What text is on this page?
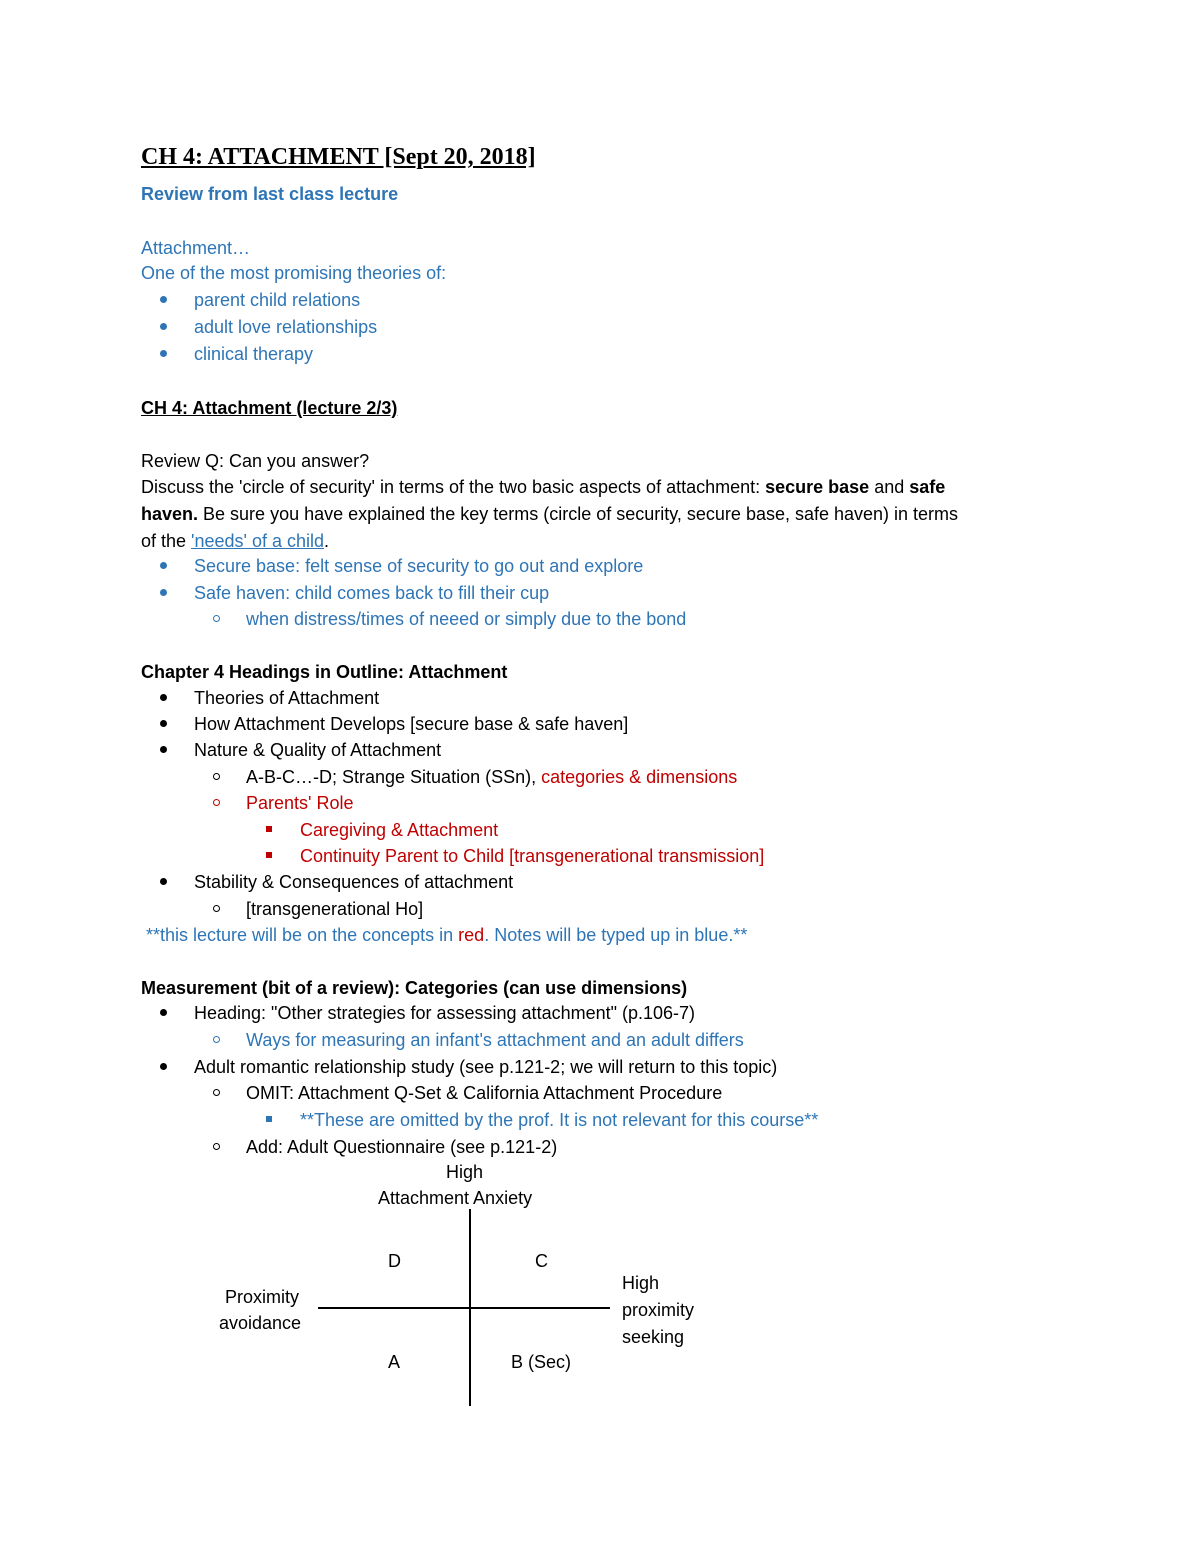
CH 4: ATTACHMENT [Sept 20, 2018]
Review from last class lecture
Attachment…
One of the most promising theories of:
parent child relations
adult love relationships
clinical therapy
CH 4: Attachment (lecture 2/3)
Review Q: Can you answer?
Discuss the 'circle of security' in terms of the two basic aspects of attachment: secure base and safe
haven. Be sure you have explained the key terms (circle of security, secure base, safe haven) in terms
of the 'needs' of a child.
Secure base: felt sense of security to go out and explore
Safe haven: child comes back to fill their cup
when distress/times of neeed or simply due to the bond
Chapter 4 Headings in Outline: Attachment
Theories of Attachment
How Attachment Develops [secure base & safe haven]
Nature & Quality of Attachment
A-B-C…-D; Strange Situation (SSn), categories & dimensions
Parents' Role
Caregiving & Attachment
Continuity Parent to Child [transgenerational transmission]
Stability & Consequences of attachment
[transgenerational Ho]
**this lecture will be on the concepts in red. Notes will be typed up in blue.**
Measurement (bit of a review): Categories (can use dimensions)
Heading: "Other strategies for assessing attachment" (p.106-7)
Ways for measuring an infant's attachment and an adult differs
Adult romantic relationship study (see p.121-2; we will return to this topic)
OMIT: Attachment Q-Set & California Attachment Procedure
**These are omitted by the prof. It is not relevant for this course**
Add: Adult Questionnaire (see p.121-2)
High
Attachment Anxiety
Proximity
avoidance
High
proximity
seeking
D	C
A	B (Sec)
